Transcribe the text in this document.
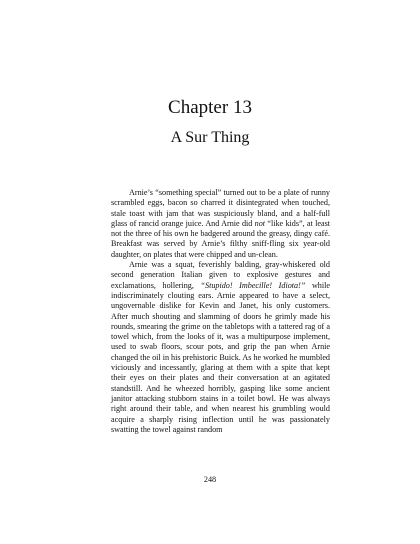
Chapter 13
A Sur Thing

Arnie’s “something special” turned out to be a plate of runny scrambled eggs, bacon so charred it disintegrated when touched, stale toast with jam that was suspiciously bland, and a half-full glass of rancid orange juice. And Arnie did not “like kids”, at least not the three of his own he badgered around the greasy, dingy café. Breakfast was served by Arnie’s filthy sniff-fling six year-old daughter, on plates that were chipped and un-clean.

Arnie was a squat, feverishly balding, gray-whiskered old second generation Italian given to explosive gestures and exclamations, hollering, “Stupido! Imbecille! Idiota!” while indiscriminately clouting ears. Arnie appeared to have a select, ungovernable dislike for Kevin and Janet, his only customers. After much shouting and slamming of doors he grimly made his rounds, smearing the grime on the tabletops with a tattered rag of a towel which, from the looks of it, was a multipurpose implement, used to swab floors, scour pots, and grip the pan when Arnie changed the oil in his prehistoric Buick. As he worked he mumbled viciously and incessantly, glaring at them with a spite that kept their eyes on their plates and their conversation at an agitated standstill. And he wheezed horribly, gasping like some ancient janitor attacking stubborn stains in a toilet bowl. He was always right around their table, and when nearest his grumbling would acquire a sharply rising inflection until he was passionately swatting the towel against random

248
